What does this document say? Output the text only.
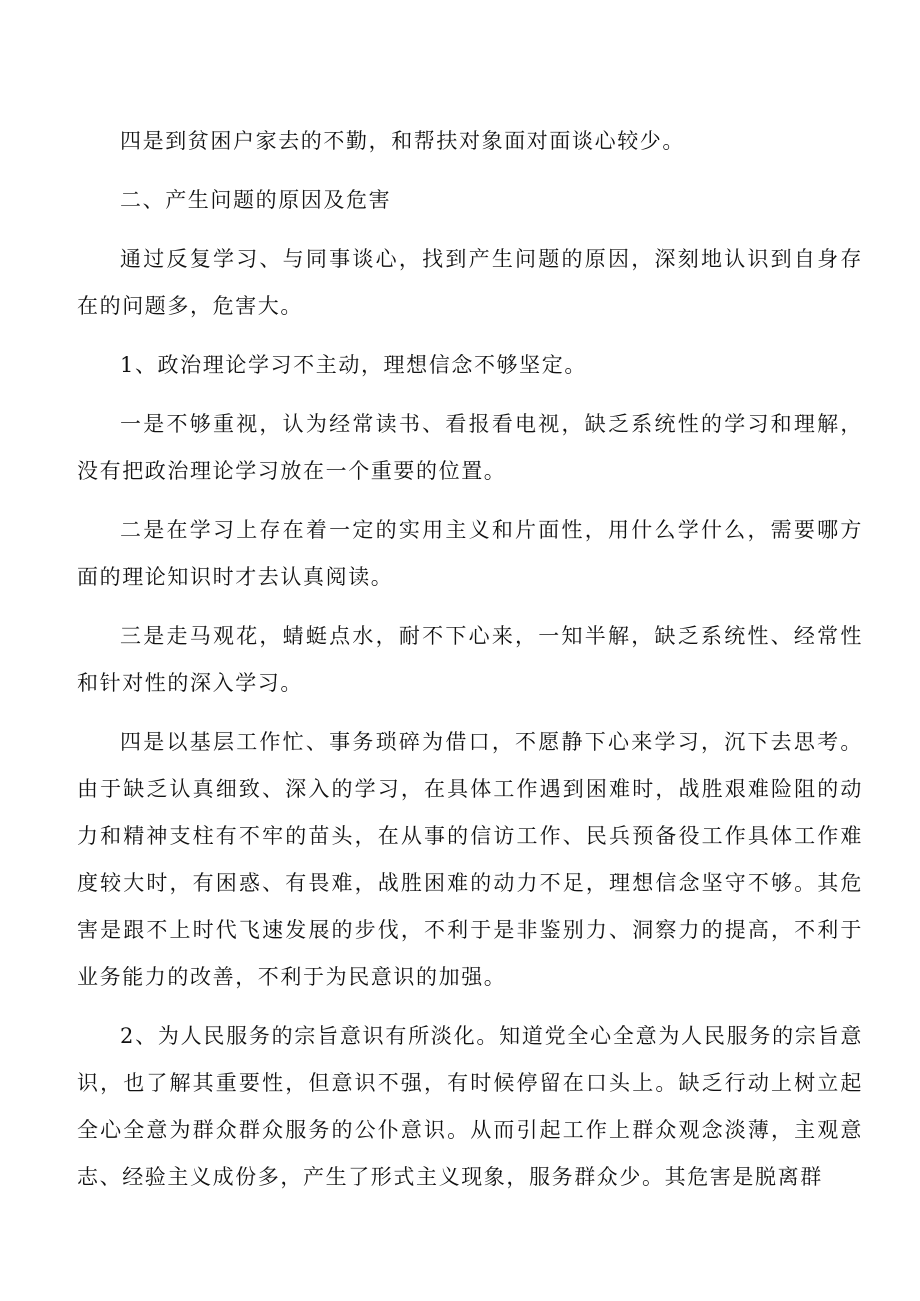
四是到贫困户家去的不勤，和帮扶对象面对面谈心较少。

二、产生问题的原因及危害

通过反复学习、与同事谈心，找到产生问题的原因，深刻地认识到自身存在的问题多，危害大。

1、政治理论学习不主动，理想信念不够坚定。

一是不够重视，认为经常读书、看报看电视，缺乏系统性的学习和理解，没有把政治理论学习放在一个重要的位置。

二是在学习上存在着一定的实用主义和片面性，用什么学什么，需要哪方面的理论知识时才去认真阅读。

三是走马观花，蜻蜓点水，耐不下心来，一知半解，缺乏系统性、经常性和针对性的深入学习。

四是以基层工作忙、事务琐碎为借口，不愿静下心来学习，沉下去思考。由于缺乏认真细致、深入的学习，在具体工作遇到困难时，战胜艰难险阻的动力和精神支柱有不牢的苗头，在从事的信访工作、民兵预备役工作具体工作难度较大时，有困惑、有畏难，战胜困难的动力不足，理想信念坚守不够。其危害是跟不上时代飞速发展的步伐，不利于是非鉴别力、洞察力的提高，不利于业务能力的改善，不利于为民意识的加强。

2、为人民服务的宗旨意识有所淡化。知道党全心全意为人民服务的宗旨意识，也了解其重要性，但意识不强，有时候停留在口头上。缺乏行动上树立起全心全意为群众群众服务的公仆意识。从而引起工作上群众观念淡薄，主观意志、经验主义成份多，产生了形式主义现象，服务群众少。其危害是脱离群
